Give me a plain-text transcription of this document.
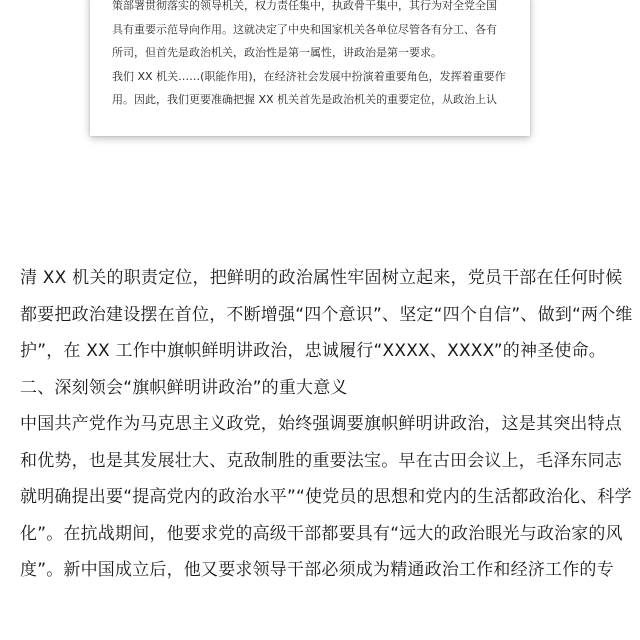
策部署贯彻落实的领导机关，权力责任集中，执政骨干集中，其行为对全党全国
具有重要示范导向作用。这就决定了中央和国家机关各单位尽管各有分工、各有
所司，但首先是政治机关，政治性是第一属性，讲政治是第一要求。
我们 XX 机关……(职能作用)，在经济社会发展中扮演着重要角色，发挥着重要作
用。因此，我们更要准确把握 XX 机关首先是政治机关的重要定位，从政治上认
清 XX 机关的职责定位，把鲜明的政治属性牢固树立起来，党员干部在任何时候
都要把政治建设摆在首位，不断增强“四个意识”、坚定“四个自信”、做到“两个维
护”，在 XX 工作中旗帜鲜明讲政治，忠诚履行“XXXX、XXXX”的神圣使命。
二、深刻领会“旗帜鲜明讲政治”的重大意义
中国共产党作为马克思主义政党，始终强调要旗帜鲜明讲政治，这是其突出特点
和优势，也是其发展壮大、克敌制胜的重要法宝。早在古田会议上，毛泽东同志
就明确提出要“提高党内的政治水平”“使党员的思想和党内的生活都政治化、科学
化”。在抗战期间，他要求党的高级干部都要具有“远大的政治眼光与政治家的风
度”。新中国成立后，他又要求领导干部必须成为精通政治工作和经济工作的专
